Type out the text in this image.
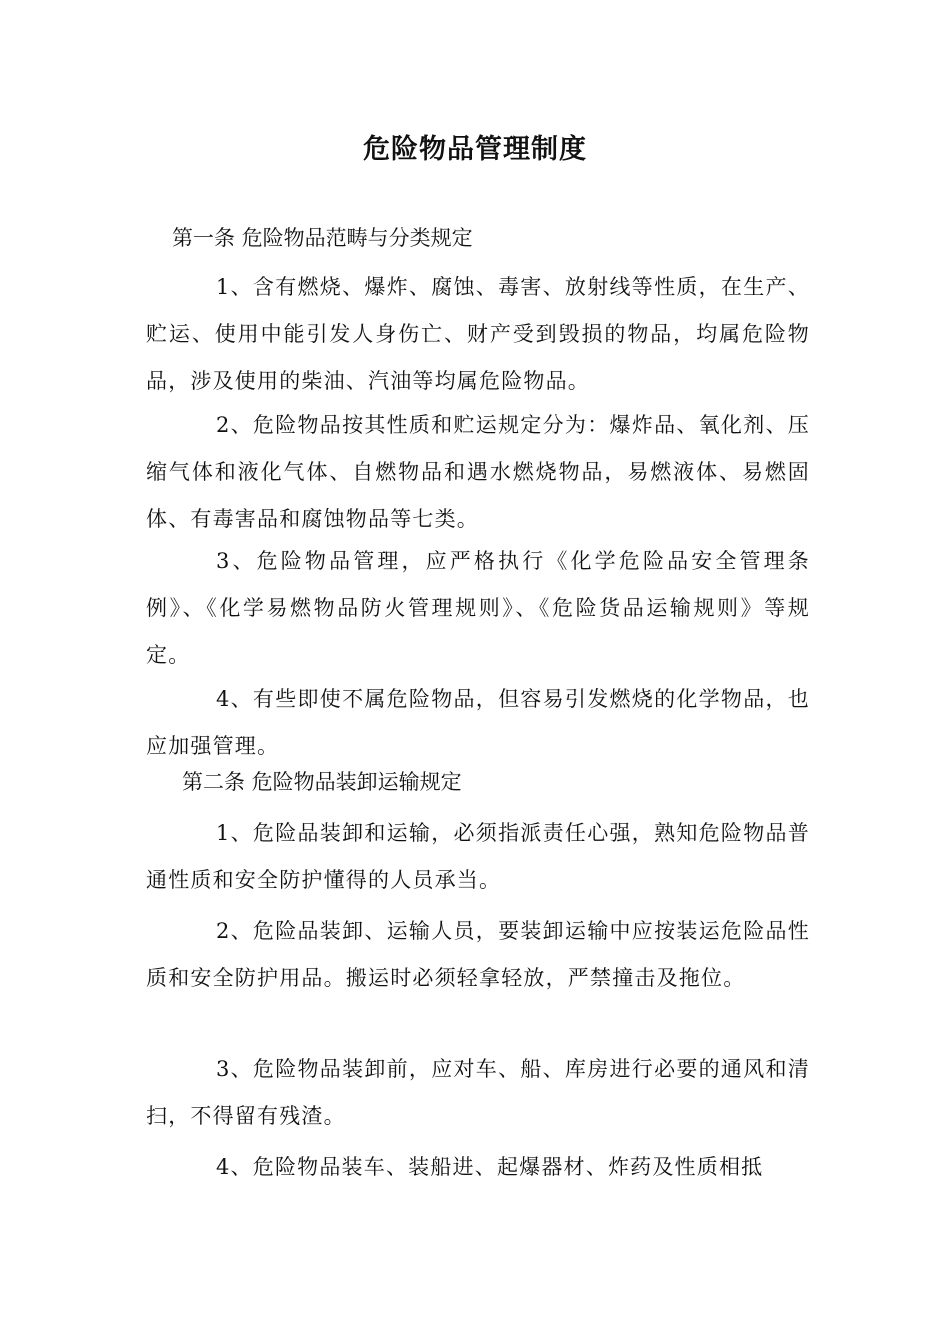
危险物品管理制度
第一条 危险物品范畴与分类规定
1、含有燃烧、爆炸、腐蚀、毒害、放射线等性质，在生产、贮运、使用中能引发人身伤亡、财产受到毁损的物品，均属危险物品，涉及使用的柴油、汽油等均属危险物品。
2、危险物品按其性质和贮运规定分为：爆炸品、氧化剂、压缩气体和液化气体、自燃物品和遇水燃烧物品，易燃液体、易燃固体、有毒害品和腐蚀物品等七类。
3、危险物品管理，应严格执行《化学危险品安全管理条例》、《化学易燃物品防火管理规则》、《危险货品运输规则》等规定。
4、有些即使不属危险物品，但容易引发燃烧的化学物品，也应加强管理。
第二条 危险物品装卸运输规定
1、危险品装卸和运输，必须指派责任心强，熟知危险物品普通性质和安全防护懂得的人员承当。
2、危险品装卸、运输人员，要装卸运输中应按装运危险品性质和安全防护用品。搬运时必须轻拿轻放，严禁撞击及拖位。
3、危险物品装卸前，应对车、船、库房进行必要的通风和清扫，不得留有残渣。
4、危险物品装车、装船进、起爆器材、炸药及性质相抵
